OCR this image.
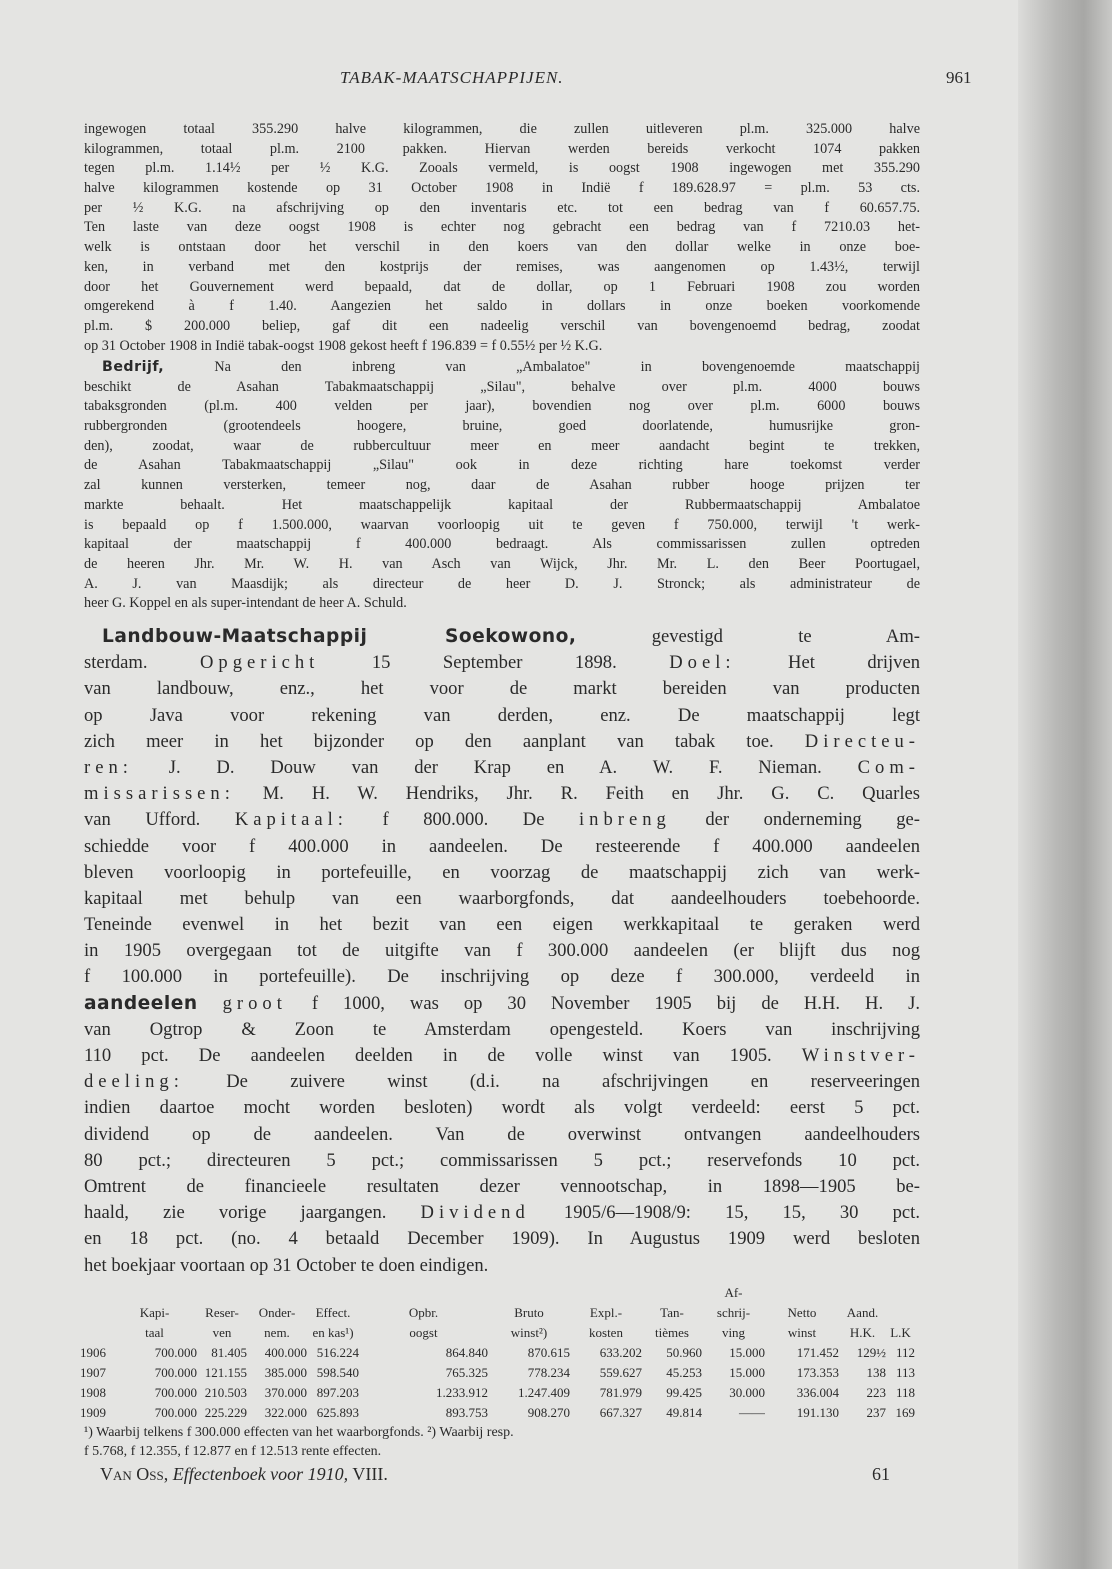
TABAK-MAATSCHAPPIJEN.	961
ingewogen totaal 355.290 halve kilogrammen, die zullen uitleveren pl.m. 325.000 halve
kilogrammen, totaal pl.m. 2100 pakken. Hiervan werden bereids verkocht 1074 pakken
tegen pl.m. 1.14½ per ½ K.G. Zooals vermeld, is oogst 1908 ingewogen met 355.290
halve kilogrammen kostende op 31 October 1908 in Indië f 189.628.97 = pl.m. 53 cts.
per ½ K.G. na afschrijving op den inventaris etc. tot een bedrag van f 60.657.75.
Ten laste van deze oogst 1908 is echter nog gebracht een bedrag van f 7210.03 het-
welk is ontstaan door het verschil in den koers van den dollar welke in onze boe-
ken, in verband met den kostprijs der remises, was aangenomen op 1.43½, terwijl
door het Gouvernement werd bepaald, dat de dollar, op 1 Februari 1908 zou worden
omgerekend à f 1.40. Aangezien het saldo in dollars in onze boeken voorkomende
pl.m. $ 200.000 beliep, gaf dit een nadeelig verschil van bovengenoemd bedrag, zoodat
op 31 October 1908 in Indië tabak-oogst 1908 gekost heeft f 196.839 = f 0.55½ per ½ K.G.
Bedrijf, Na den inbreng van „Ambalatoe" in bovengenoemde maatschappij
beschikt de Asahan Tabakmaatschappij „Silau", behalve over pl.m. 4000 bouws
tabaksgronden (pl.m. 400 velden per jaar), bovendien nog over pl.m. 6000 bouws
rubbergronden (grootendeels hoogere, bruine, goed doorlatende, humusrijke gron-
den), zoodat, waar de rubbercultuur meer en meer aandacht begint te trekken,
de Asahan Tabakmaatschappij „Silau" ook in deze richting hare toekomst verder
zal kunnen versterken, temeer nog, daar de Asahan rubber hooge prijzen ter
markte behaalt. Het maatschappelijk kapitaal der Rubbermaatschappij Ambalatoe
is bepaald op f 1.500.000, waarvan voorloopig uit te geven f 750.000, terwijl 't werk-
kapitaal der maatschappij f 400.000 bedraagt. Als commissarissen zullen optreden
de heeren Jhr. Mr. W. H. van Asch van Wijck, Jhr. Mr. L. den Beer Poortugael,
A. J. van Maasdijk; als directeur de heer D. J. Stronck; als administrateur de
heer G. Koppel en als super-intendant de heer A. Schuld.
Landbouw-Maatschappij Soekowono, gevestigd te Am-
sterdam. Opgericht 15 September 1898. Doel: Het drijven
van landbouw, enz., het voor de markt bereiden van producten
op Java voor rekening van derden, enz. De maatschappij legt
zich meer in het bijzonder op den aanplant van tabak toe. Directeu-
ren: J. D. Douw van der Krap en A. W. F. Nieman. Com-
missarissen: M. H. W. Hendriks, Jhr. R. Feith en Jhr. G. C. Quarles
van Ufford. Kapitaal: f 800.000. De inbreng der onderneming ge-
schiedde voor f 400.000 in aandeelen. De resteerende f 400.000 aandeelen
bleven voorloopig in portefeuille, en voorzag de maatschappij zich van werk-
kapitaal met behulp van een waarborgfonds, dat aandeelhouders toebehoorde.
Teneinde evenwel in het bezit van een eigen werkkapitaal te geraken werd
in 1905 overgegaan tot de uitgifte van f 300.000 aandeelen (er blijft dus nog
f 100.000 in portefeuille). De inschrijving op deze f 300.000, verdeeld in
aandeelen groot f 1000, was op 30 November 1905 bij de H.H. H. J.
van Ogtrop & Zoon te Amsterdam opengesteld. Koers van inschrijving
110 pct. De aandeelen deelden in de volle winst van 1905. Winstver-
deeling: De zuivere winst (d.i. na afschrijvingen en reserveeringen
indien daartoe mocht worden besloten) wordt als volgt verdeeld: eerst 5 pct.
dividend op de aandeelen. Van de overwinst ontvangen aandeelhouders
80 pct.; directeuren 5 pct.; commissarissen 5 pct.; reservefonds 10 pct.
Omtrent de financieele resultaten dezer vennootschap, in 1898—1905 be-
haald, zie vorige jaargangen. Dividend 1905/6—1908/9: 15, 15, 30 pct.
en 18 pct. (no. 4 betaald December 1909). In Augustus 1909 werd besloten
het boekjaar voortaan op 31 October te doen eindigen.
									Af-			
	Kapi-	Reser-	Onder-	Effect.	Opbr.	Bruto	Expl.-	Tan-	schrij-	Netto	Aand.	
	taal	ven	nem.	en kas¹)	oogst	winst²)	kosten	tièmes	ving	winst	H.K.	L.K
1906	700.000	81.405	400.000	516.224	864.840	870.615	633.202	50.960	15.000	171.452	129½	112
1907	700.000	121.155	385.000	598.540	765.325	778.234	559.627	45.253	15.000	173.353	138	113
1908	700.000	210.503	370.000	897.203	1.233.912	1.247.409	781.979	99.425	30.000	336.004	223	118
1909	700.000	225.229	322.000	625.893	893.753	908.270	667.327	49.814	——	191.130	237	169
¹) Waarbij telkens f 300.000 effecten van het waarborgfonds. ²) Waarbij resp.
f 5.768, f 12.355, f 12.877 en f 12.513 rente effecten.
Van Oss, Effectenboek voor 1910, VIII.	61
